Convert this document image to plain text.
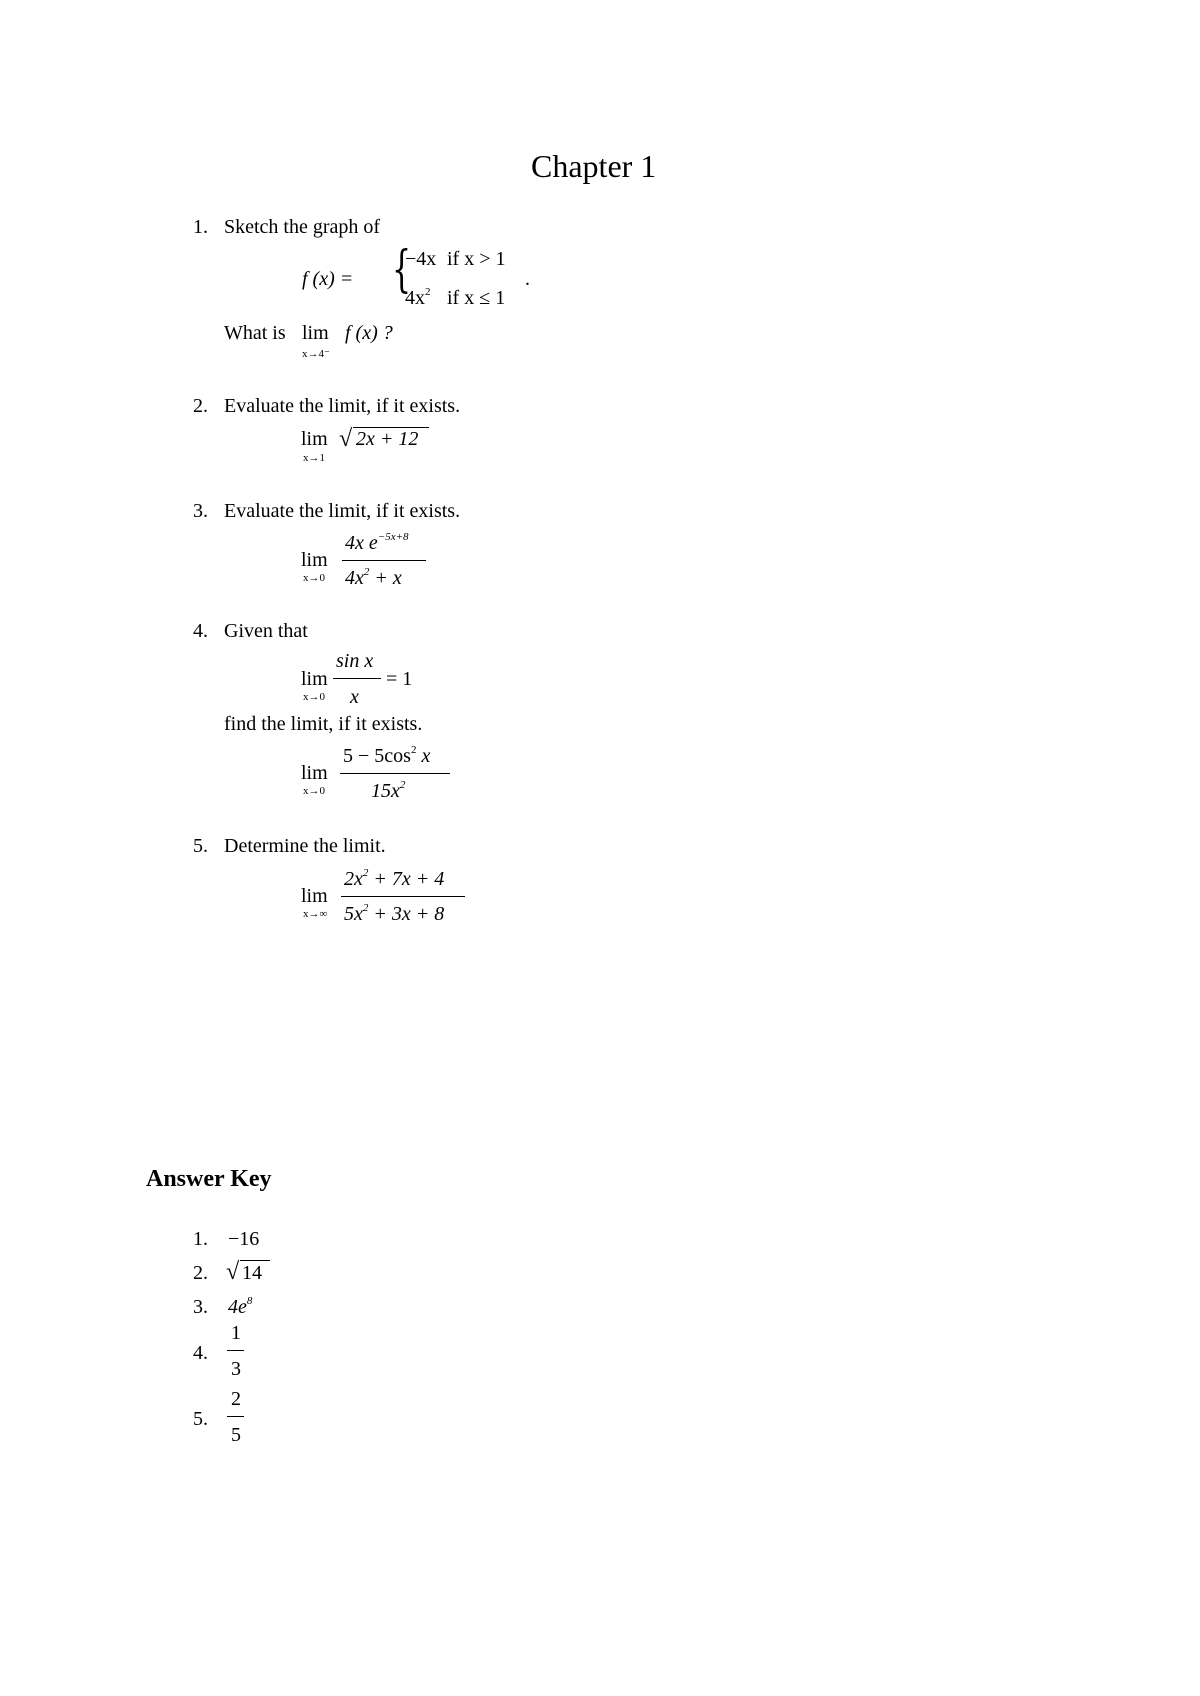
Chapter 1
1. Sketch the graph of
f (x) = {
−4x if x > 1
$4x^2$ if x ≤ 1
.
What is lim
x→4⁻
f (x) ?
2. Evaluate the limit, if it exists.
lim
x→1
√ 2x + 12
3. Evaluate the limit, if it exists.
lim
x→0
4x $e^{-5x+8}$
$4x^2 + x$
4. Given that
lim
x→0
sin x
x
= 1
find the limit, if it exists.
lim
x→0
$5 - 5\cos^2$ x
$15x^2$
5. Determine the limit.
lim
x→∞
$2x^2 + 7x + 4$
$5x^2 + 3x + 8$
Answer Key
1. −16
2. √ 14
3. $4e^8$
4.
1
3
5.
2
5
